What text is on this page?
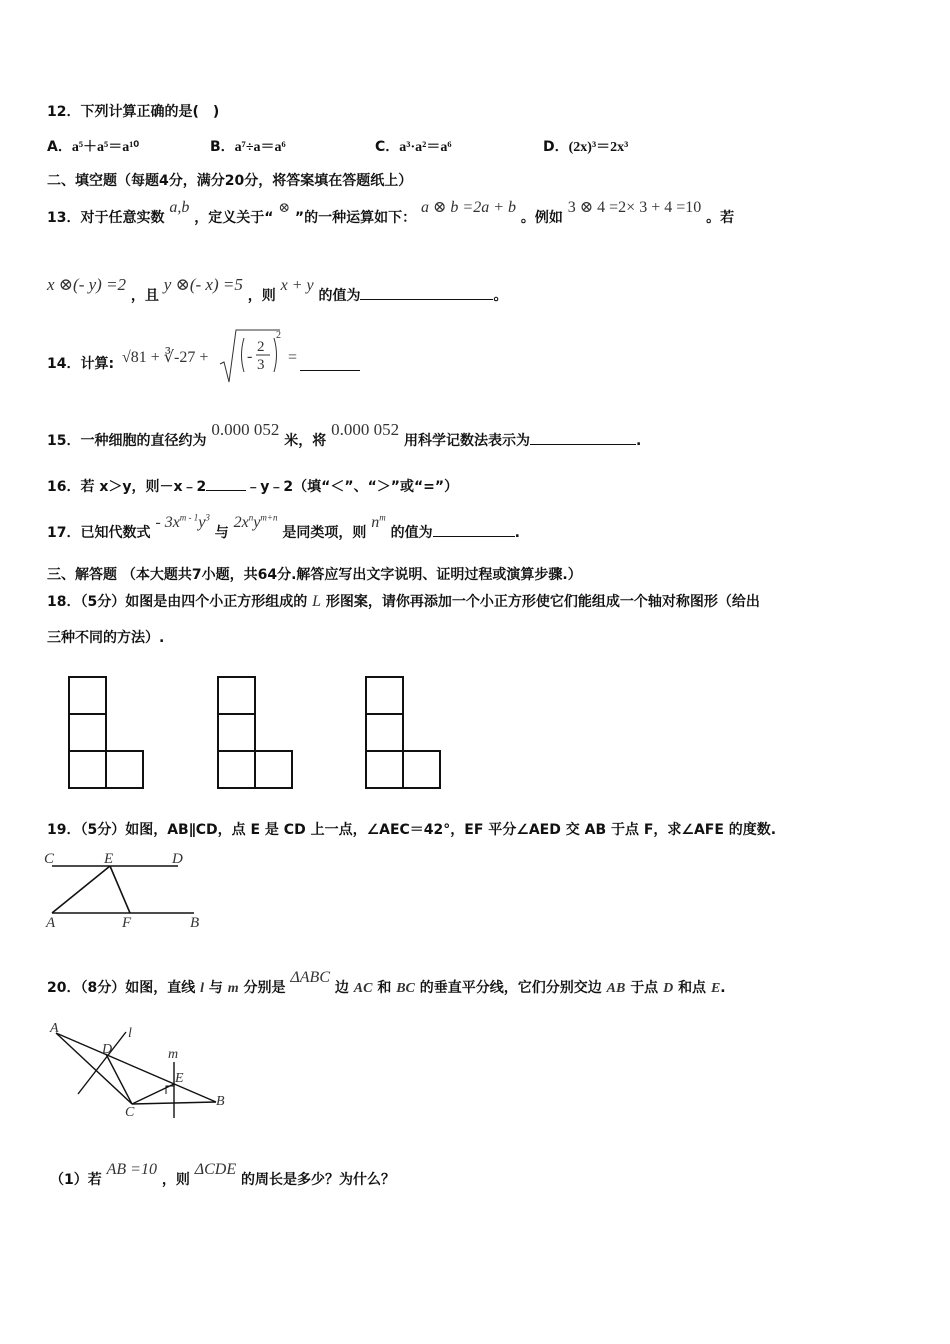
12．下列计算正确的是(　)
A．a⁵＋a⁵＝a¹⁰	B．a⁷÷a＝a⁶	C．a³·a²＝a⁶	D．(2x)³＝2x³
二、填空题（每题4分，满分20分，将答案填在答题纸上）
13．对于任意实数 a,b ，定义关于“ ⊗ ”的一种运算如下： a ⊗ b =2a + b 。例如 3 ⊗ 4 =2× 3 + 4 =10 。若
x ⊗(- y) =2 ，且 y ⊗(- x) =5 ，则 x + y 的值为	。
14．计算: √81 + ∛-27 + -
2
3
2
=
15．一种细胞的直径约为 0.000 052 米，将 0.000 052 用科学记数法表示为	.
16．若 x＞y，则－x﹣2	﹣y﹣2（填“＜”、“＞”或“=”）
17．已知代数式 - $3x^{m - 1}y^3$ 与 $2x^ny^{m+n}$ 是同类项，则 $n^m$ 的值为	.
三、解答题 （本大题共7小题，共64分.解答应写出文字说明、证明过程或演算步骤.）
18．（5分）如图是由四个小正方形组成的 L 形图案，请你再添加一个小正方形使它们能组成一个轴对称图形（给出
三种不同的方法）.
19．（5分）如图，AB∥CD，点 E 是 CD 上一点，∠AEC＝42°，EF 平分∠AED 交 AB 于点 F，求∠AFE 的度数.
C	E	D
A	F	B
20．（8分）如图，直线 l 与 m 分别是 ΔABC 边 AC 和 BC 的垂直平分线，它们分别交边 AB 于点 D 和点 E.
A	l
D	m
E
C
B
（1）若 AB =10 ，则 ΔCDE 的周长是多少？为什么？
